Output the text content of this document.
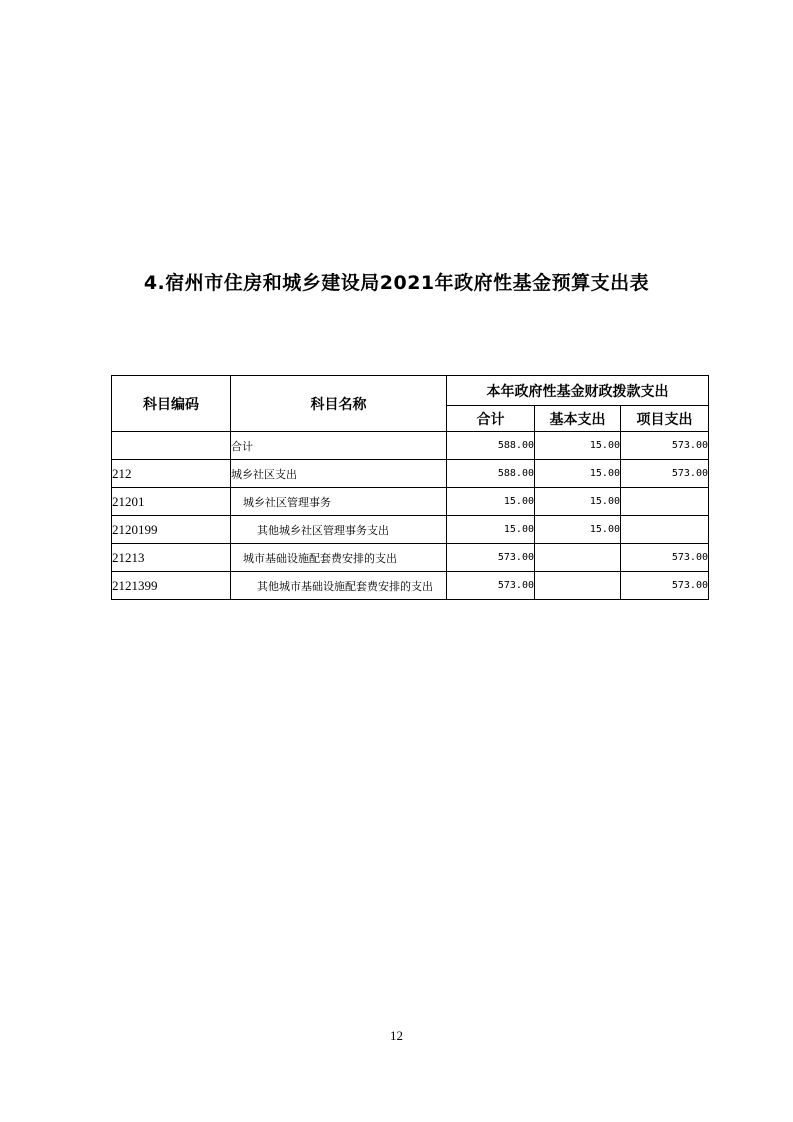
4.宿州市住房和城乡建设局2021年政府性基金预算支出表
科目编码	科目名称	本年政府性基金财政拨款支出		
		合计	基本支出	项目支出
	合计	588.00	15.00	573.00
212	城乡社区支出	588.00	15.00	573.00
21201	城乡社区管理事务	15.00	15.00	
2120199	其他城乡社区管理事务支出	15.00	15.00	
21213	城市基础设施配套费安排的支出	573.00		573.00
2121399	其他城市基础设施配套费安排的支出	573.00		573.00
12
